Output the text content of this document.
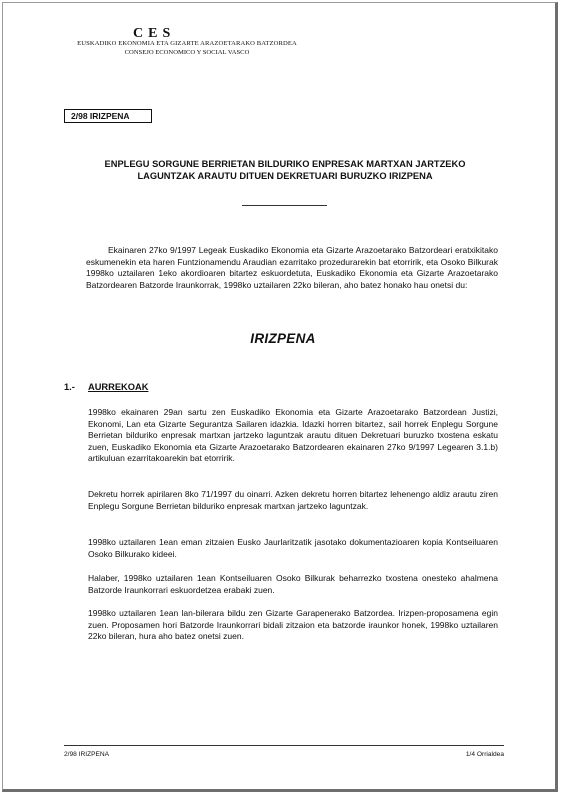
CES
EUSKADIKO EKONOMIA ETA GIZARTE ARAZOETARAKO BATZORDEA
CONSEJO ECONOMICO Y SOCIAL VASCO
2/98 IRIZPENA
ENPLEGU SORGUNE BERRIETAN BILDURIKO ENPRESAK MARTXAN JARTZEKO
LAGUNTZAK ARAUTU DITUEN DEKRETUARI BURUZKO IRIZPENA
Ekainaren 27ko 9/1997 Legeak Euskadiko Ekonomia eta Gizarte Arazoetarako Batzordeari eratxikitako eskumenekin eta haren Funtzionamendu Araudian ezarritako prozedurarekin bat etorririk, eta Osoko Bilkurak 1998ko uztailaren 1eko akordioaren bitartez eskuordetuta, Euskadiko Ekonomia eta Gizarte Arazoetarako Batzordearen Batzorde Iraunkorrak, 1998ko uztailaren 22ko bileran, aho batez honako hau onetsi du:
IRIZPENA
1.- AURREKOAK
1998ko ekainaren 29an sartu zen Euskadiko Ekonomia eta Gizarte Arazoetarako Batzordean Justizi, Ekonomi, Lan eta Gizarte Segurantza Sailaren idazkia. Idazki horren bitartez, sail horrek Enplegu Sorgune Berrietan bilduriko enpresak martxan jartzeko laguntzak arautu dituen Dekretuari buruzko txostena eskatu zuen, Euskadiko Ekonomia eta Gizarte Arazoetarako Batzordearen ekainaren 27ko 9/1997 Legearen 3.1.b) artikuluan ezarritakoarekin bat etorririk.
Dekretu horrek apirilaren 8ko 71/1997 du oinarri. Azken dekretu horren bitartez lehenengo aldiz arautu ziren Enplegu Sorgune Berrietan bilduriko enpresak martxan jartzeko laguntzak.
1998ko uztailaren 1ean eman zitzaien Eusko Jaurlaritzatik jasotako dokumentazioaren kopia Kontseiluaren Osoko Bilkurako kideei.
Halaber, 1998ko uztailaren 1ean Kontseiluaren Osoko Bilkurak beharrezko txostena onesteko ahalmena Batzorde Iraunkorrari eskuordetzea erabaki zuen.
1998ko uztailaren 1ean lan-bilerara bildu zen Gizarte Garapenerako Batzordea. Irizpen-proposamena egin zuen. Proposamen hori Batzorde Iraunkorrari bidali zitzaion eta batzorde iraunkor honek, 1998ko uztailaren 22ko bileran, hura aho batez onetsi zuen.
2/98 IRIZPENA	1/4 Orrialdea
